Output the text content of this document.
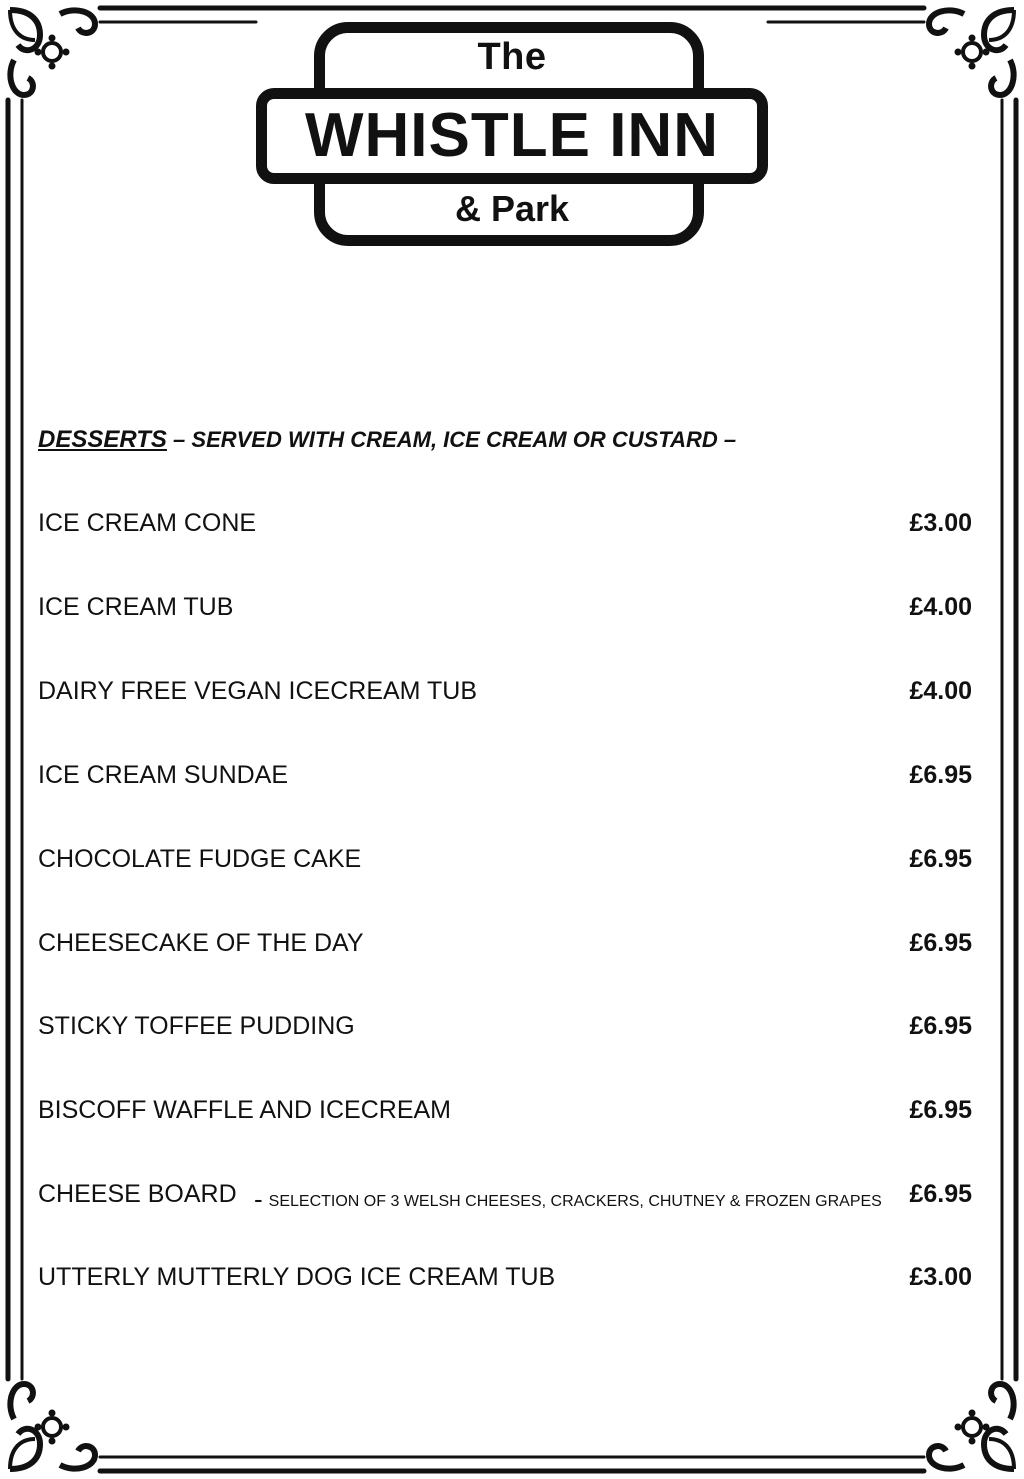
The
WHISTLE INN
& Park
DESSERTS – SERVED WITH CREAM, ICE CREAM OR CUSTARD –
ICE CREAM CONE	£3.00
ICE CREAM TUB	£4.00
DAIRY FREE VEGAN ICECREAM TUB	£4.00
ICE CREAM SUNDAE	£6.95
CHOCOLATE FUDGE CAKE	£6.95
CHEESECAKE OF THE DAY	£6.95
STICKY TOFFEE PUDDING	£6.95
BISCOFF WAFFLE AND ICECREAM	£6.95
CHEESE BOARD - SELECTION OF 3 WELSH CHEESES, CRACKERS, CHUTNEY & FROZEN GRAPES £6.95
UTTERLY MUTTERLY DOG ICE CREAM TUB	£3.00
